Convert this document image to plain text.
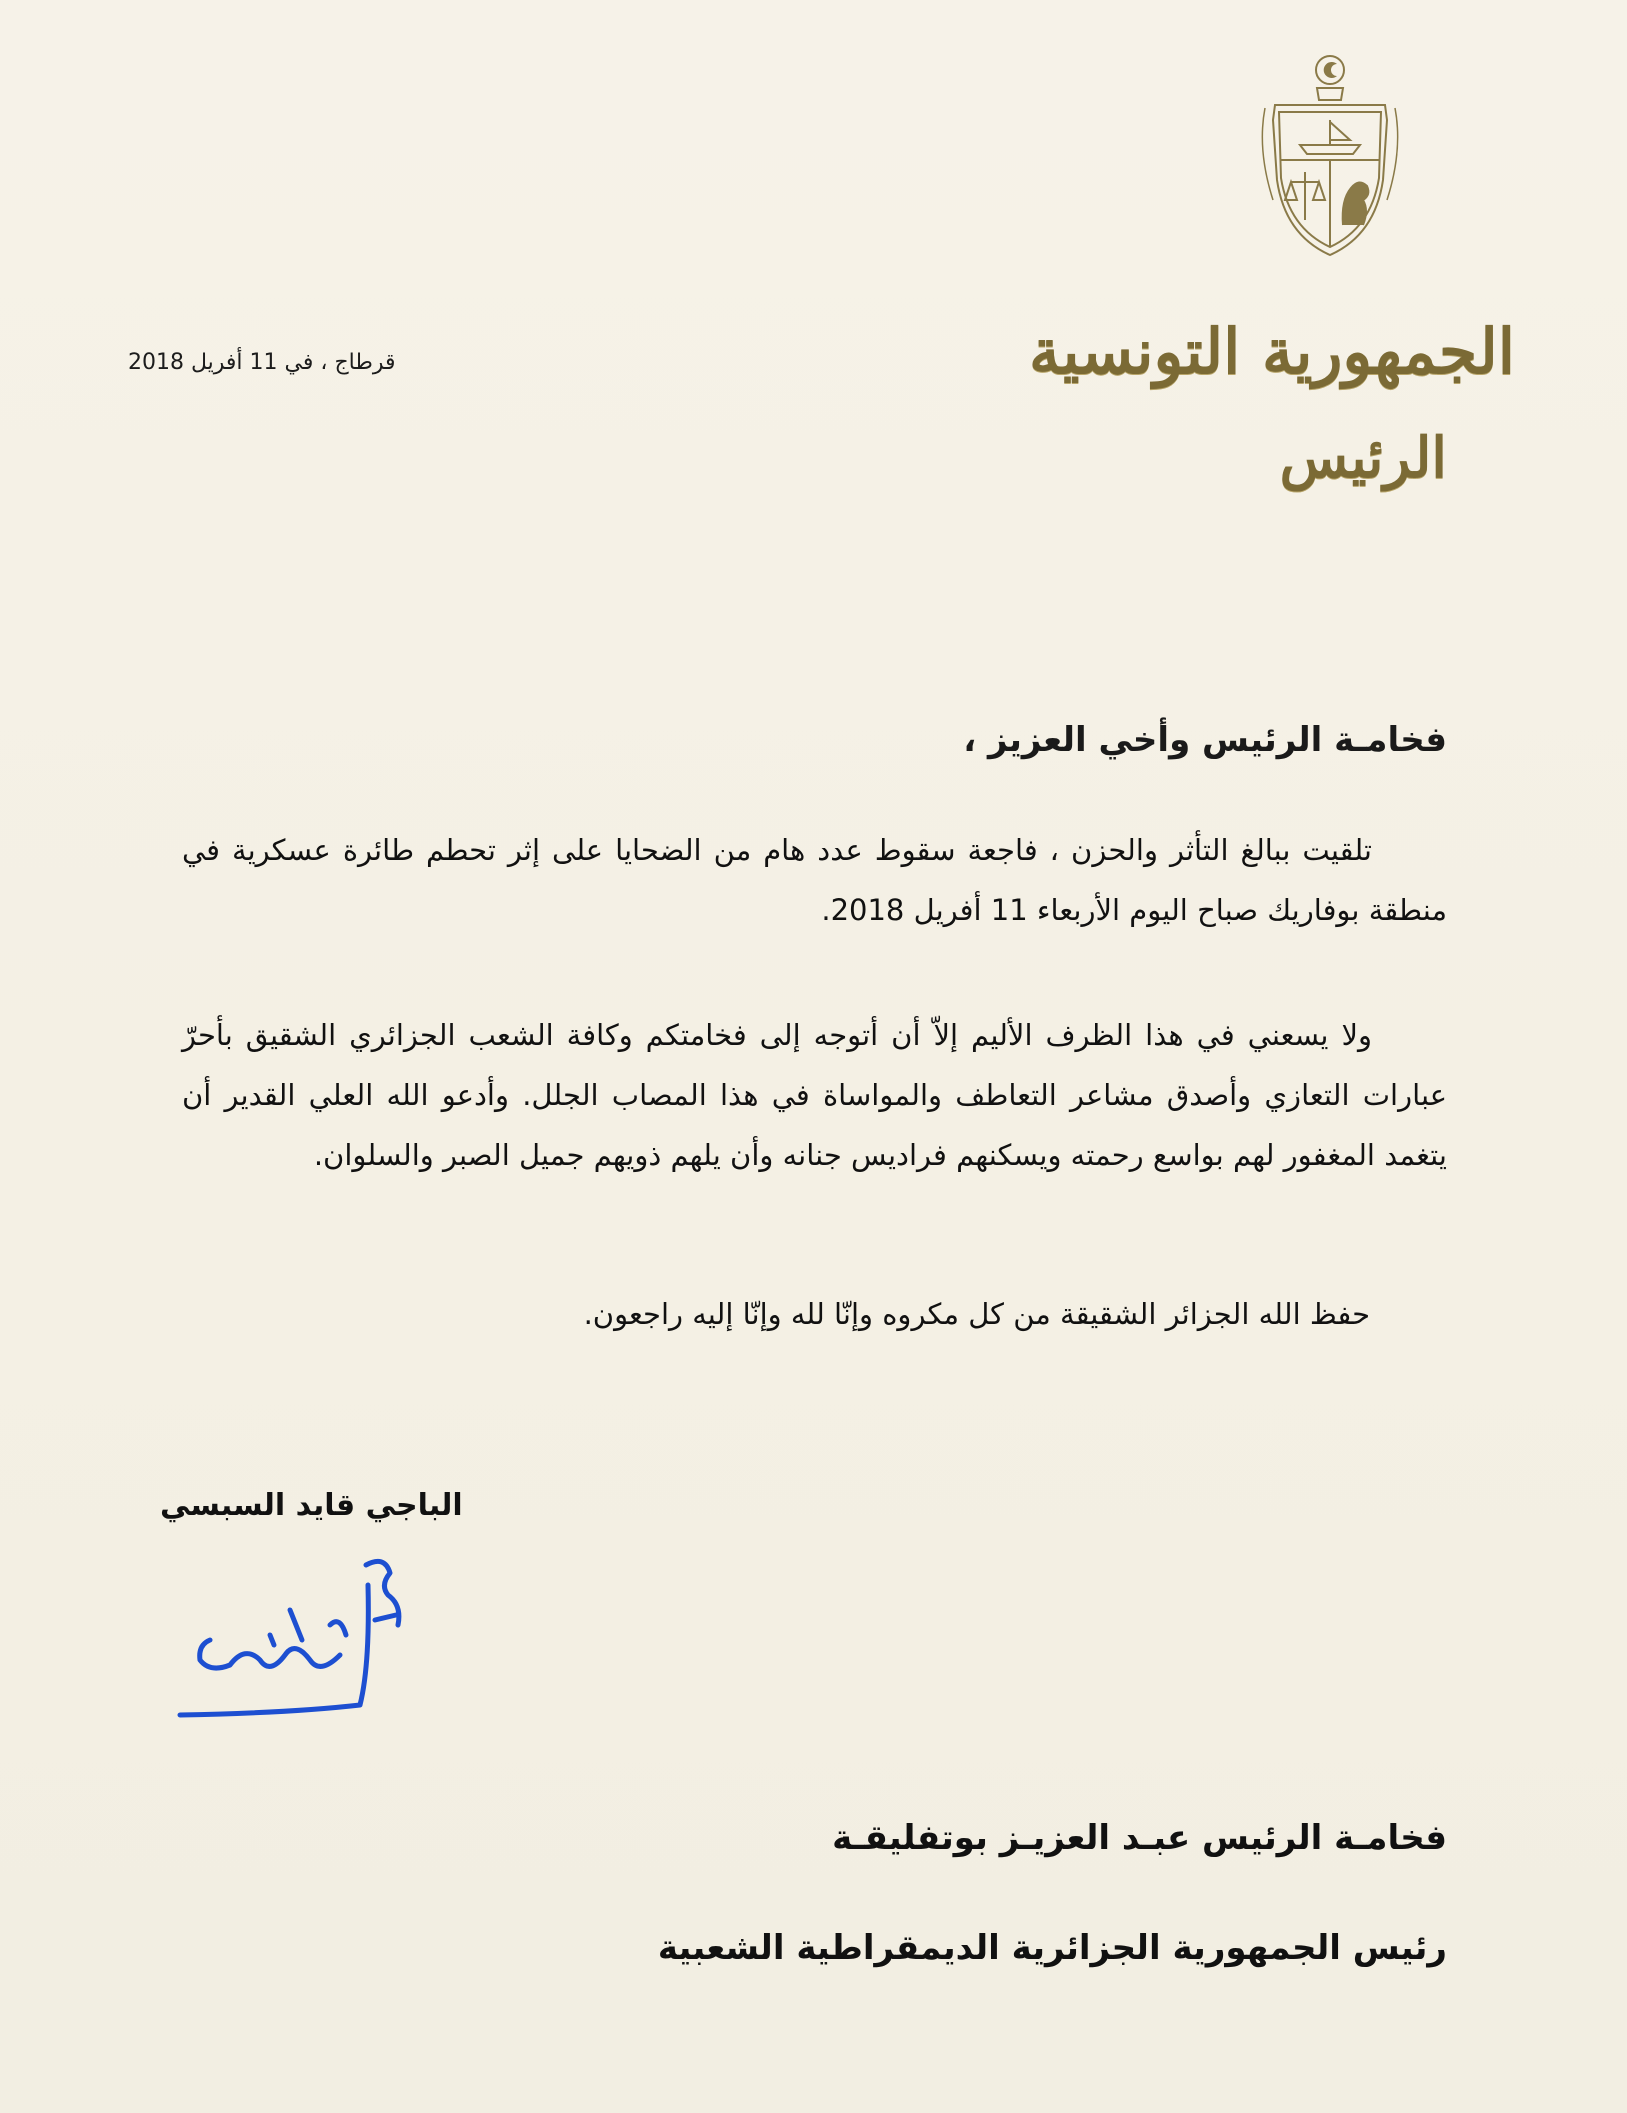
الجمهورية التونسية
الرئيس
قرطاج ، في 11 أفريل 2018
فخامـة الرئيس وأخي العزيز ،

تلقيت ببالغ التأثر والحزن ، فاجعة سقوط عدد هام من الضحايا على إثر تحطم طائرة عسكرية في منطقة بوفاريك صباح اليوم الأربعاء 11 أفريل 2018.

ولا يسعني في هذا الظرف الأليم إلاّ أن أتوجه إلى فخامتكم وكافة الشعب الجزائري الشقيق بأحرّ عبارات التعازي وأصدق مشاعر التعاطف والمواساة في هذا المصاب الجلل. وأدعو الله العلي القدير أن يتغمد المغفور لهم بواسع رحمته ويسكنهم فراديس جنانه وأن يلهم ذويهم جميل الصبر والسلوان.

حفظ الله الجزائر الشقيقة من كل مكروه وإنّا لله وإنّا إليه راجعون.
الباجي قايد السبسي
فخامـة الرئيس عبـد العزيـز بوتفليقـة
رئيس الجمهورية الجزائرية الديمقراطية الشعبية
